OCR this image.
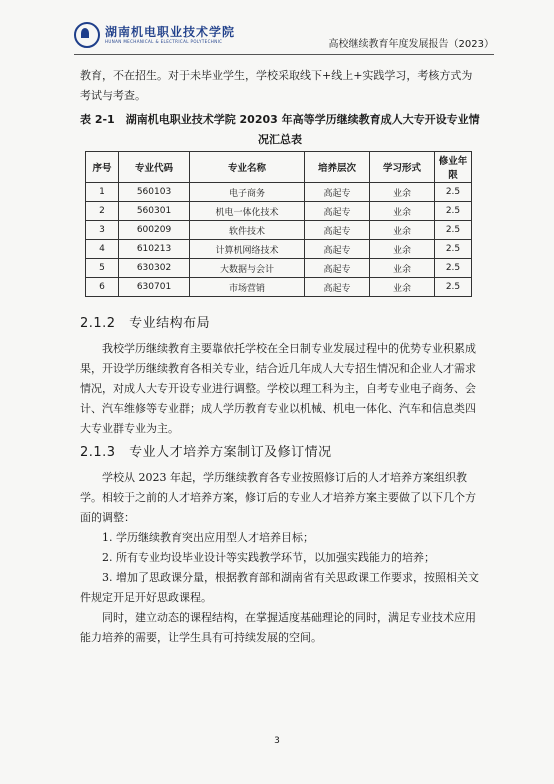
湖南机电职业技术学院
HUNAN MECHANICAL & ELECTRICAL POLYTECHNIC	高校继续教育年度发展报告（2023）

教育，不在招生。对于未毕业学生，学校采取线下+线上+实践学习，考核方式为

考试与考查。

表 2-1　湖南机电职业技术学院 20203 年高等学历继续教育成人大专开设专业情
况汇总表
序号	专业代码	专业名称	培养层次	学习形式	修业年限
1	560103	电子商务	高起专	业余	2.5
2	560301	机电一体化技术	高起专	业余	2.5
3	600209	软件技术	高起专	业余	2.5
4	610213	计算机网络技术	高起专	业余	2.5
5	630302	大数据与会计	高起专	业余	2.5
6	630701	市场营销	高起专	业余	2.5
2.1.2　专业结构布局

我校学历继续教育主要靠依托学校在全日制专业发展过程中的优势专业积累成果，开设学历继续教育各相关专业，结合近几年成人大专招生情况和企业人才需求情况，对成人大专开设专业进行调整。学校以理工科为主，自考专业电子商务、会计、汽车维修等专业群；成人学历教育专业以机械、机电一体化、汽车和信息类四大专业群专业为主。

2.1.3　专业人才培养方案制订及修订情况

学校从 2023 年起，学历继续教育各专业按照修订后的人才培养方案组织教学。相较于之前的人才培养方案，修订后的专业人才培养方案主要做了以下几个方面的调整：

1. 学历继续教育突出应用型人才培养目标；

2. 所有专业均设毕业设计等实践教学环节，以加强实践能力的培养；

3. 增加了思政课分量，根据教育部和湖南省有关思政课工作要求，按照相关文件规定开足开好思政课程。

同时，建立动态的课程结构，在掌握适度基础理论的同时，满足专业技术应用能力培养的需要，让学生具有可持续发展的空间。

3
